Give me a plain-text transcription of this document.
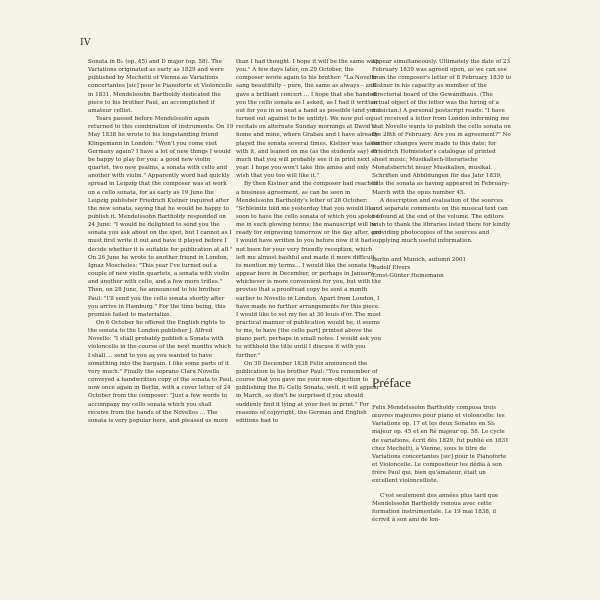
IV

Sonata in B♭ (op. 45) and D major (op. 58). The Variations originated as early as 1829 and were published by Mechetti of Vienna as Variations concertantes [sic] pour le Pianoforte et Violoncelle in 1831. Mendelssohn Bartholdy dedicated the piece to his brother Paul, an accomplished if amateur cellist.

Years passed before Mendelssohn again returned to this combination of instruments. On 19 May 1838 he wrote to his longstanding friend Klingemann in London: "Won't you come visit Germany again? I have a lot of new things I would be happy to play for you: a good new violin quartet, two new psalms, a sonata with cello and another with violin." Apparently word had quickly spread in Leipzig that the composer was at work on a cello sonata, for as early as 19 June the Leipzig publisher Friedrich Kistner inquired after the new sonata, saying that he would be happy to publish it. Mendelssohn Bartholdy responded on 24 June: "I would be delighted to send you the sonata you ask about on the spot, but I cannot as I must first write it out and have it played before I decide whether it is suitable for publication at all." On 26 June he wrote to another friend in London, Ignaz Moscheles: "This year I've turned out a couple of new violin quartets, a sonata with violin and another with cello, and a few more trifles." Then, on 28 June, he announced to his brother Paul: "I'll send you the cello sonata shortly after you arrive in Hamburg." For the time being, this promise failed to materialize.

On 6 October he offered the English rights to the sonata to the London publisher J. Alfred Novello: "I shall probably publish a Sonata with violoncello in the course of the next months which I shall ... send to you as you wanted to have something into the bargain. I like some parts of it very much." Finally the soprano Clara Novello conveyed a handwritten copy of the sonata to Paul, now once again in Berlin, with a cover letter of 24 October from the composer: "Just a few words to accompany my cello sonata which you shall receive from the hands of the Novellos ... The sonata is very popular here, and pleased us more

than I had thought. I hope it will be the same with you." A few days later, on 29 October, the composer wrote again to his brother: "La Novello sang beautifully – pure, the same as always – and gave a brilliant concert ... I hope that she handed you the cello sonata as I asked, as I had it written out for you in so neat a hand as possible (and yet it turned out against to be untidy). We now put on recitals on alternate Sunday mornings at David's home and mine, where Grabau and I have already played the sonata several times. Kistner was taken with it, and leaned on me (as the students say) so much that you will probably see it in print next year. I hope you won't take this amiss and only wish that you too will like it."

By then Kistner and the composer had reached a business agreement, as can be seen in Mendelssohn Bartholdy's letter of 28 October: "Schleinitz told me yesterday that you would like soon to have the cello sonata of which you spoke to me in such glowing terms; the manuscript will be ready for engraving tomorrow or the day after, and I would have written to you before now if it had not been for your very friendly reception, which left me almost bashful and made it more difficult to mention my terms... I would like the sonata to appear here in December, or perhaps in January, whichever is more convenient for you, but with the proviso that a proofread copy be sent a month earlier to Novello in London. Apart from London, I have made no further arrangements for this piece. I would like to set my fee at 30 louis d'or. The most practical manner of publication would be, it seems to me, to have [the cello part] printed above the piano part, perhaps in small notes. I would ask you to withhold the title until I discuss it with you further."

On 30 December 1838 Felix announced the publication to his brother Paul: "You remember of course that you gave me your non-objection to publishing the B♭ Cello Sonata, well, it will appear in March, so don't be surprised if you should suddenly find it lying at your feet in print." For reasons of copyright, the German and English editions had to

appear simultaneously. Ultimately the date of 23 February 1839 was agreed upon, as we can see from the composer's letter of 8 February 1839 to Kistner in his capacity as member of the directorial board of the Gewandhaus. (The actual object of the letter was the hiring of a musician.) A personal postscript reads: "I have just received a letter from London informing me that Novello wants to publish the cello sonata on the 28th of February. Are you in agreement?" No further changes were made to this date; for Friedrich Hofmeister's catalogue of printed sheet music, Musikalisch-literarische Monatsbericht neuer Musikalien, musikal. Schriften und Abbildungen für das Jahr 1839, lists the sonata as having appeared in February-March with the opus number 45.

A description and evaluation of the sources and separate comments on the musical text can be found at the end of the volume. The editors wish to thank the libraries listed there for kindly providing photocopies of the sources and supplying much useful information.

Berlin and Munich, autumn 2001

Rudolf Elvers

Ernst-Günter Heinemann

Préface

Felix Mendelssohn Bartholdy composa trois œuvres majeures pour piano et violoncelle: les Variations op. 17 et les deux Sonates en Si♭ majeur op. 45 et en Ré majeur op. 58. Le cycle de variations, écrit dès 1829, fut publié en 1831 chez Mechetti, à Vienne, sous le titre de Variations concertantes [sic] pour le Pianoforte et Violoncelle. Le compositeur les dédia à son frère Paul qui, bien qu'amateur, était un excellent violoncelliste.

C'est seulement des années plus tard que Mendelssohn Bartholdy renoua avec cette formation instrumentale. Le 19 mai 1838, il écrivit à son ami de lon-
